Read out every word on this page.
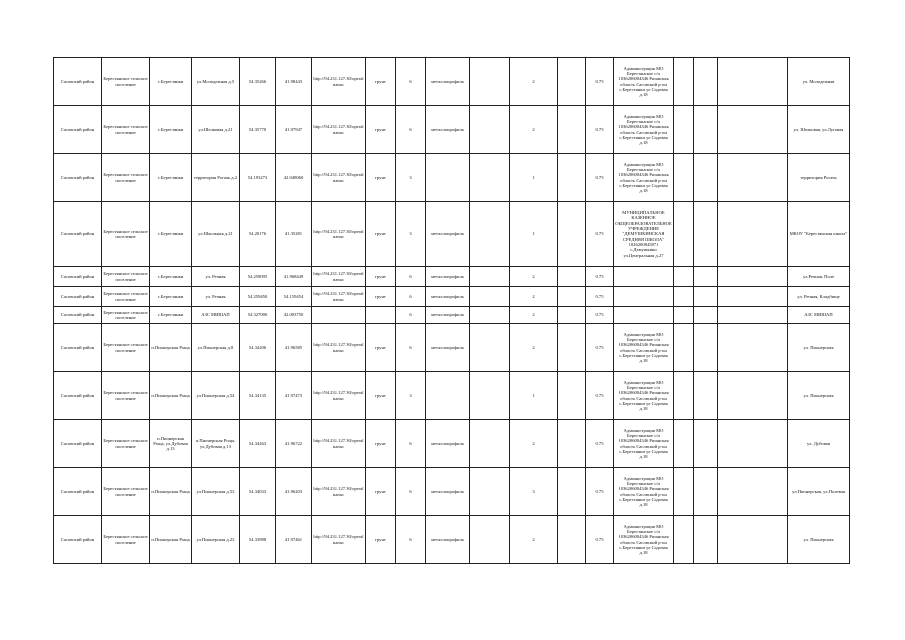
Сасовский район	Берестянское сельское поселение	с.Берестянки	ул.Молодежная д.5	54.35266	41.98443	http://94.231.127.30/operalnanuc	грунт	6	металлопрофиль		2		0.75	Администрация МО Берестянское с/п 1036206004346 Рязанская область Сасовский р-он с.Берестянки ул Садовая д.18				ул. Молодежная
Сасовский район	Берестянское сельское поселение	с.Берестянки	ул.Шелковая д.21	54.35770	41.97947	http://94.231.127.30/operalnanuc	грунт	6	металлопрофиль		2		0.75	Администрация МО Берестянское с/п 1036206004346 Рязанская область Сасовский р-он с.Берестянки ул Садовая д.18				ул. Шелковая, ул.Луговая
Сасовский район	Берестянское сельское поселение	с.Берестянки	территория Рогачь.д.2	54.193273	42.048060	http://94.231.127.30/operalnanuc	грунт	3			1		0.75	Администрация МО Берестянское с/п 1036206004346 Рязанская область Сасовский р-он с.Берестянки ул Садовая д.18				территория Рогачь
Сасовский район	Берестянское сельское поселение	с.Берестянки	ул.Школьная д.21	54.20176	41.35281	http://94.231.127.30/operalnanuc	грунт	3	металлопрофиль		1		0.75	МУНИЦИПАЛЬНОЕ КАЗЕННОЕ ОБЩЕОБРАЗОВАТЕЛЬНОЕ УЧРЕЖДЕНИЕ "ДЕМУШКИНСКАЯ СРЕДНЯЯ ШКОЛА" 1026200845871 с.Демушкино ул.Центральная д.27				МКОУ "Берестянская школа"
Сасовский район	Берестянское сельское поселение	с.Берестянки	ул. Речная	54.258095	41.968449	http://94.231.127.30/operalnanuc	грунт	6	металлопрофиль		2		0.75					ул.Речная, Поле
Сасовский район	Берестянское сельское поселение	с.Берестянки	ул. Речная	54.259450	54.159454	http://94.231.127.30/operalnanuc	грунт	6	металлопрофиль		2		0.75					ул. Речная, Кладбище
Сасовский район	Берестянское сельское поселение	с.Берестянки	АЗС МИШАП	54.327000	42.003750			6	металлопрофиль		2		0.75					АЗС МИШАП
Сасовский район	Берестянское сельское поселение	п.Пионерская Роща	ул.Пионерская д.8	54.34206	41.96585	http://94.231.127.30/operalnanuc	грунт	6	металлопрофиль		2		0.75	Администрация МО Берестянское с/п 1036206004346 Рязанская область Сасовский р-он с.Берестянки ул Садовая д.18				ул. Пионерская
Сасовский район	Берестянское сельское поселение	п.Пионерская Роща	ул.Пионерская д.54	54.34135	41.97473	http://94.231.127.30/operalnanuc	грунт	3			1		0.75	Администрация МО Берестянское с/п 1036206004346 Рязанская область Сасовский р-он с.Берестянки ул Садовая д.18				ул. Пионерская
Сасовский район	Берестянское сельское поселение	п.Пионерская Роща, ул.Дубовая д.13	п.Пионерская Роща, ул.Дубовая д.13	54.34263	41.96722	http://94.231.127.30/operalnanuc	грунт	6	металлопрофиль		2		0.75	Администрация МО Берестянское с/п 1036206004346 Рязанская область Сасовский р-он с.Берестянки ул Садовая д.18				ул. Дубовая
Сасовский район	Берестянское сельское поселение	п.Пионерская Роща	ул.Пионерская д.53	54.34033	41.96203	http://94.231.127.30/operalnanuc	грунт	6	металлопрофиль		3		0.75	Администрация МО Берестянское с/п 1036206004346 Рязанская область Сасовский р-он с.Берестянки ул Садовая д.18				ул.Пионерская, ул.Полевая
Сасовский район	Берестянское сельское поселение	п.Пионерская Роща	ул.Пионерская д.23	54.33988	41.97461	http://94.231.127.30/operalnanuc	грунт	6	металлопрофиль		2		0.75	Администрация МО Берестянское с/п 1036206004346 Рязанская область Сасовский р-он с.Берестянки ул Садовая д.18				ул. Пионерская
